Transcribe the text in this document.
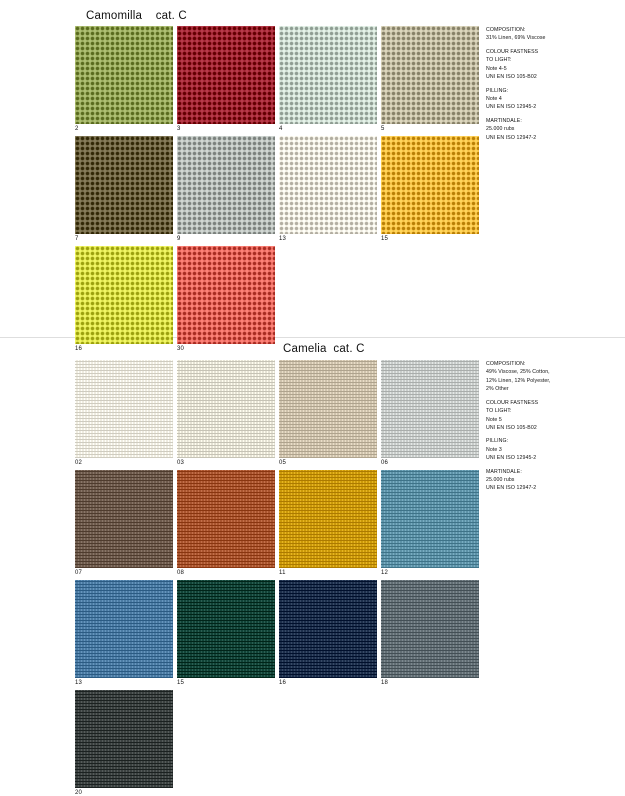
Camomilla    cat. C
2	3	4	5
7	9	13	15
16	30
COMPOSITION:
31% Linen, 69% Viscose
COLOUR FASTNESS
TO LIGHT:
Note 4-5
UNI EN ISO 105-B02
PILLING:
Note 4
UNI EN ISO 12945-2
MARTINDALE:
25.000 rubs
UNI EN ISO 12947-2
Camelia  cat. C
02	03	05	06
07	08	11	12
13	15	16	18
20
COMPOSITION:
49% Viscose, 25% Cotton,
12% Linen, 12% Polyester,
2% Other
COLOUR FASTNESS
TO LIGHT:
Note 5
UNI EN ISO 105-B02
PILLING:
Note 3
UNI EN ISO 12945-2
MARTINDALE:
25.000 rubs
UNI EN ISO 12947-2
